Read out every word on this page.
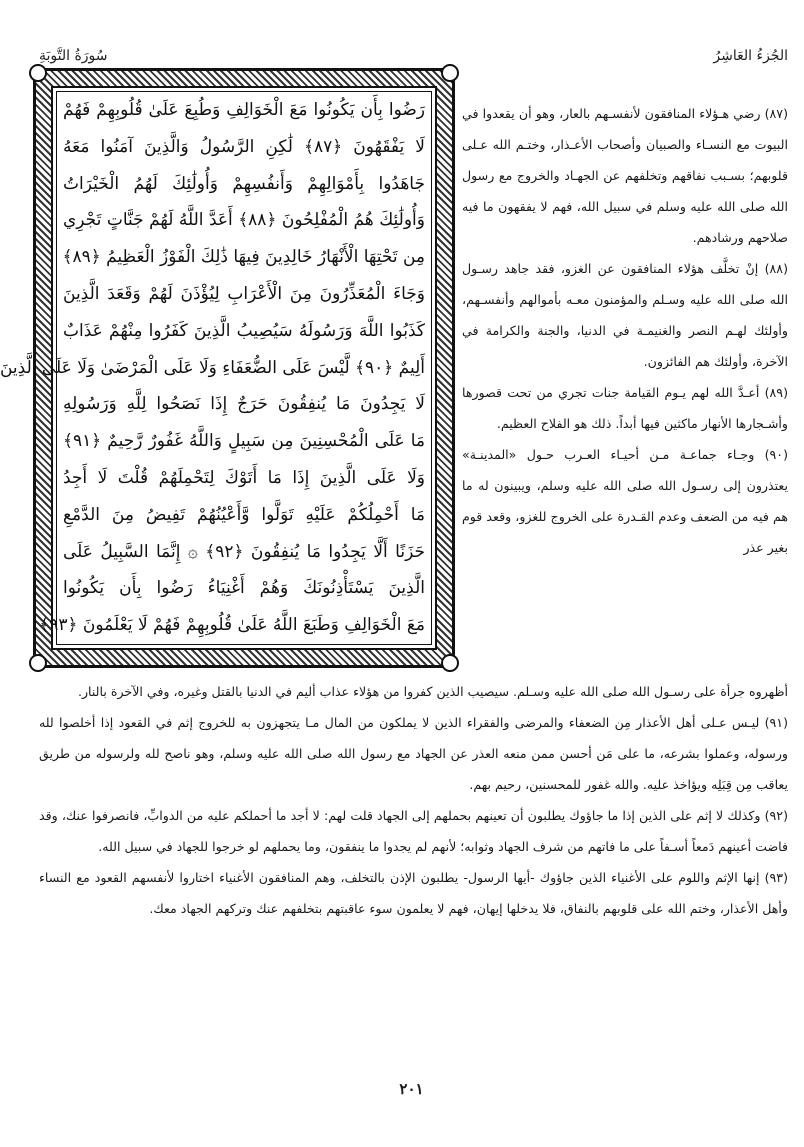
الجُزءُ العَاشِرُ
سُورَةُ التَّوبَةِ
رَضُوا بِأَن يَكُونُوا مَعَ الْخَوَالِفِ وَطُبِعَ عَلَىٰ قُلُوبِهِمْ فَهُمْ
لَا يَفْقَهُونَ ﴿٨٧﴾ لَٰكِنِ الرَّسُولُ وَالَّذِينَ آمَنُوا مَعَهُ
جَاهَدُوا بِأَمْوَالِهِمْ وَأَنفُسِهِمْ وَأُولَٰئِكَ لَهُمُ الْخَيْرَاتُ
وَأُولَٰئِكَ هُمُ الْمُفْلِحُونَ ﴿٨٨﴾ أَعَدَّ اللَّهُ لَهُمْ جَنَّاتٍ تَجْرِي
مِن تَحْتِهَا الْأَنْهَارُ خَالِدِينَ فِيهَا ذَٰلِكَ الْفَوْزُ الْعَظِيمُ ﴿٨٩﴾
وَجَاءَ الْمُعَذِّرُونَ مِنَ الْأَعْرَابِ لِيُؤْذَنَ لَهُمْ وَقَعَدَ الَّذِينَ
كَذَبُوا اللَّهَ وَرَسُولَهُ سَيُصِيبُ الَّذِينَ كَفَرُوا مِنْهُمْ عَذَابٌ
أَلِيمٌ ﴿٩٠﴾ لَّيْسَ عَلَى الضُّعَفَاءِ وَلَا عَلَى الْمَرْضَىٰ وَلَا عَلَى الَّذِينَ
لَا يَجِدُونَ مَا يُنفِقُونَ حَرَجٌ إِذَا نَصَحُوا لِلَّهِ وَرَسُولِهِ
مَا عَلَى الْمُحْسِنِينَ مِن سَبِيلٍ وَاللَّهُ غَفُورٌ رَّحِيمٌ ﴿٩١﴾
وَلَا عَلَى الَّذِينَ إِذَا مَا أَتَوْكَ لِتَحْمِلَهُمْ قُلْتَ لَا أَجِدُ
مَا أَحْمِلُكُمْ عَلَيْهِ تَوَلَّوا وَّأَعْيُنُهُمْ تَفِيضُ مِنَ الدَّمْعِ
حَزَنًا أَلَّا يَجِدُوا مَا يُنفِقُونَ ﴿٩٢﴾ ۞ إِنَّمَا السَّبِيلُ عَلَى
الَّذِينَ يَسْتَأْذِنُونَكَ وَهُمْ أَغْنِيَاءُ رَضُوا بِأَن يَكُونُوا
مَعَ الْخَوَالِفِ وَطَبَعَ اللَّهُ عَلَىٰ قُلُوبِهِمْ فَهُمْ لَا يَعْلَمُونَ ﴿٩٣﴾

(٨٧) رضي هـؤلاء المنافقون لأنفسـهم بالعار، وهو أن يقعدوا في البيوت مع النسـاء والصبيان وأصحاب الأعـذار، وختـم الله عـلى قلوبهم؛ بسـبب نفاقهم وتخلفهم عن الجهـاد والخروج مع رسول الله صلى الله عليه وسلم في سبيل الله، فهم لا يفقهون ما فيه صلاحهم ورشادهم.

(٨٨) إنْ تخلَّف هؤلاء المنافقون عن الغزو، فقد جاهد رسـول الله صلى الله عليه وسـلم والمؤمنون معـه بأموالهم وأنفسـهم، وأولئك لهـم النصر والغنيمـة في الدنيا، والجنة والكرامة في الآخرة، وأولئك هم الفائزون.

(٨٩) أعـدَّ الله لهم يـوم القيامة جنات تجري من تحت قصورها وأشـجارها الأنهار ماكثين فيها أبداً. ذلك هو الفلاح العظيم.

(٩٠) وجـاء جماعـة مـن أحيـاء العـرب حـول «المدينـة» يعتذرون إلى رسـول الله صلى الله عليه وسلم، ويبينون له ما هم فيه من الضعف وعدم القـدرة على الخروج للغزو، وقعد قوم بغير عذر

أظهروه جرأة على رسـول الله صلى الله عليه وسـلم. سيصيب الذين كفروا من هؤلاء عذاب أليم في الدنيا بالقتل وغيره، وفي الآخرة بالنار.

(٩١) ليـس عـلى أهل الأعذار مِن الضعفاء والمرضى والفقراء الذين لا يملكون من المال مـا يتجهزون به للخروج إثم في القعود إذا أخلصوا لله ورسوله، وعملوا بشرعه، ما على مَن أحسن ممن منعه العذر عن الجهاد مع رسول الله صلى الله عليه وسلم، وهو ناصح لله ولرسوله من طريق يعاقب مِن قِبَلِه ويؤاخذ عليه. والله غفور للمحسنين، رحيم بهم.

(٩٢) وكذلك لا إثم على الذين إذا ما جاؤوك يطلبون أن تعينهم بحملهم إلى الجهاد قلت لهم: لا أجد ما أحملكم عليه من الدوابِّ، فانصرفوا عنك، وقد فاضت أعينهم دَمعاً أسـفاً على ما فاتهم من شرف الجهاد وثوابه؛ لأنهم لم يجدوا ما ينفقون، وما يحملهم لو خرجوا للجهاد في سبيل الله.

(٩٣) إنها الإثم واللوم على الأغنياء الذين جاؤوك -أيها الرسول- يطلبون الإذن بالتخلف، وهم المنافقون الأغنياء اختاروا لأنفسهم القعود مع النساء وأهل الأعذار، وختم الله على قلوبهم بالنفاق، فلا يدخلها إيهان، فهم لا يعلمون سوء عاقبتهم بتخلفهم عنك وتركهم الجهاد معك.

٢٠١
